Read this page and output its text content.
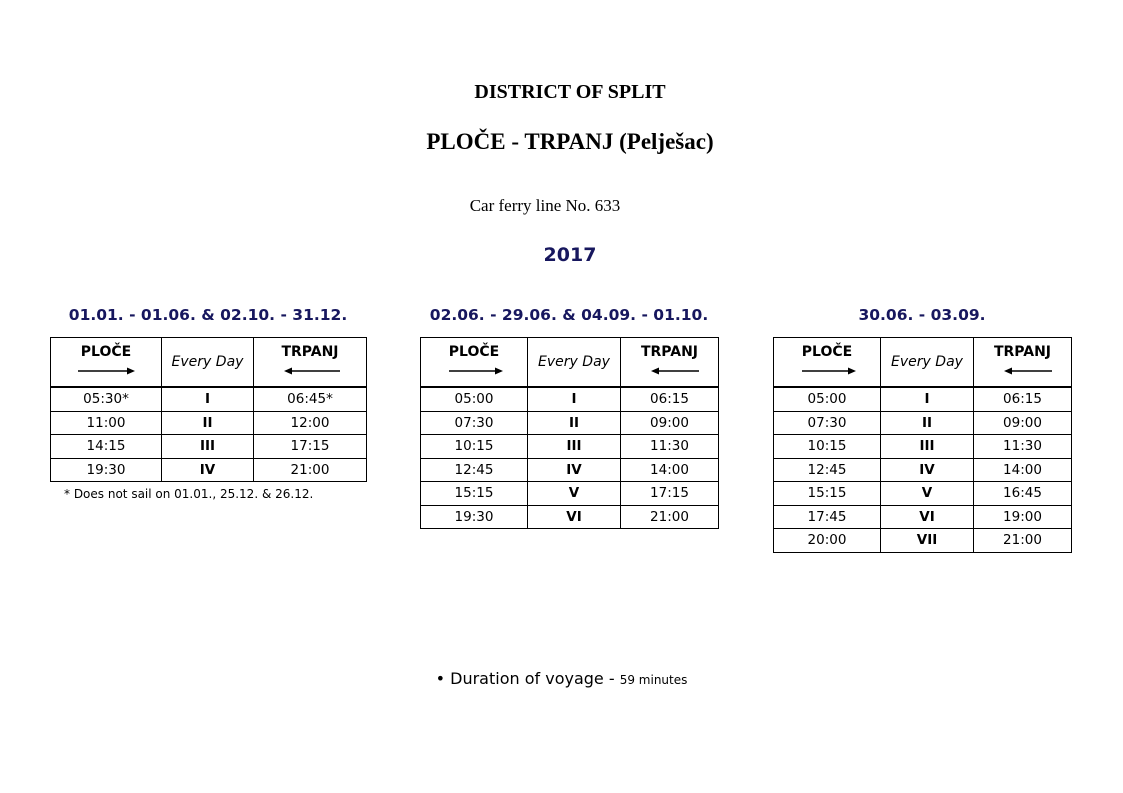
DISTRICT OF SPLIT
PLOČE - TRPANJ (Pelješac)
Car ferry line No. 633
2017
01.01. - 01.06. & 02.10. - 31.12.
PLOČE	Every Day	TRPANJ

05:30*	I	06:45*
11:00	II	12:00
14:15	III	17:15
19:30	IV	21:00
* Does not sail on 01.01., 25.12. & 26.12.
02.06. - 29.06. & 04.09. - 01.10.
PLOČE	Every Day	TRPANJ

05:00	I	06:15
07:30	II	09:00
10:15	III	11:30
12:45	IV	14:00
15:15	V	17:15
19:30	VI	21:00
30.06. - 03.09.
PLOČE	Every Day	TRPANJ

05:00	I	06:15
07:30	II	09:00
10:15	III	11:30
12:45	IV	14:00
15:15	V	16:45
17:45	VI	19:00
20:00	VII	21:00
• Duration of voyage - 59 minutes
